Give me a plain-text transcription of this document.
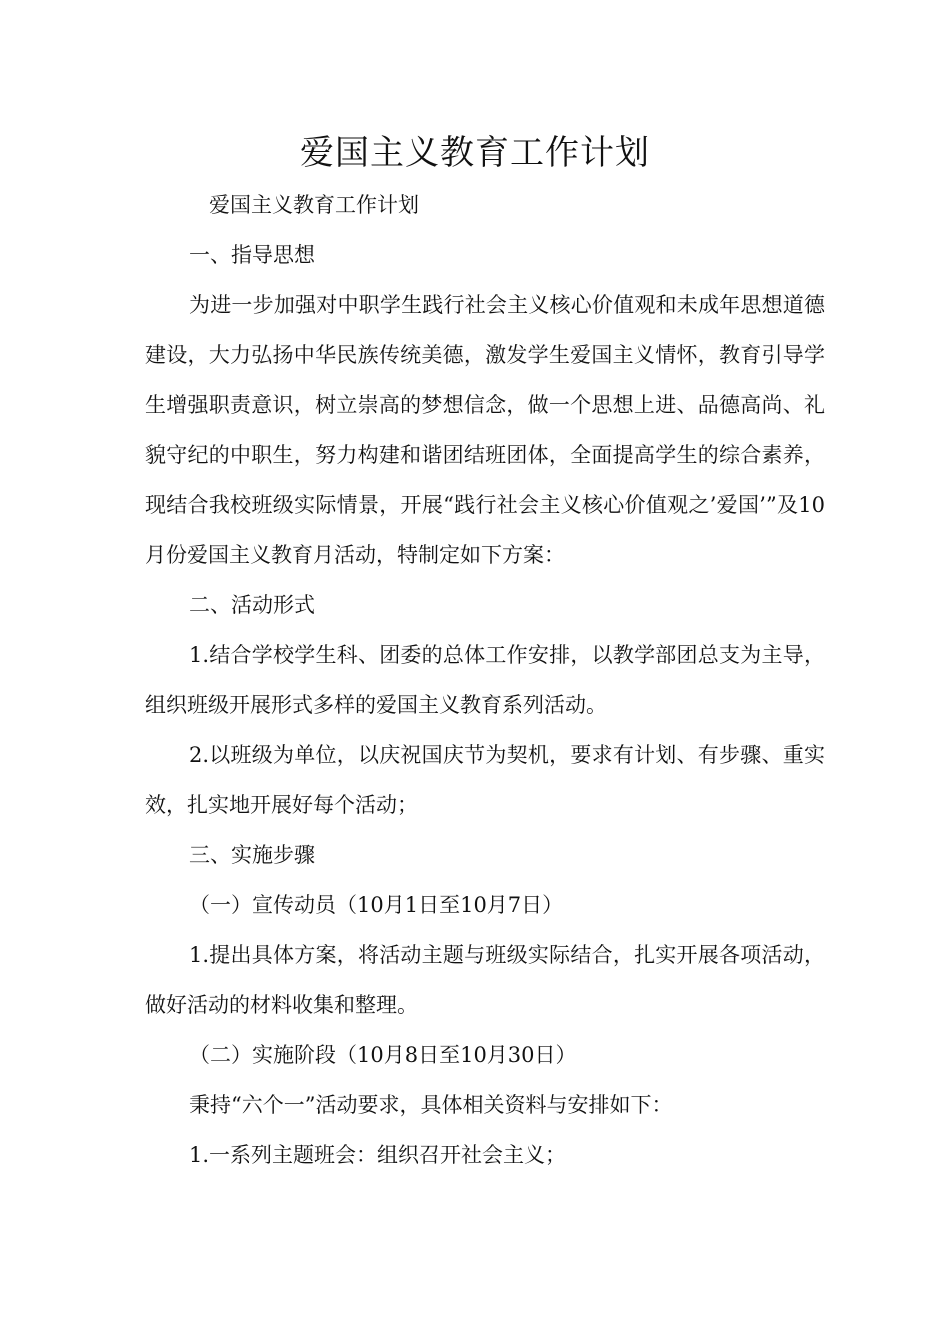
爱国主义教育工作计划

爱国主义教育工作计划

一、指导思想

为进一步加强对中职学生践行社会主义核心价值观和未成年思想道德建设，大力弘扬中华民族传统美德，激发学生爱国主义情怀，教育引导学生增强职责意识，树立崇高的梦想信念，做一个思想上进、品德高尚、礼貌守纪的中职生，努力构建和谐团结班团体，全面提高学生的综合素养，现结合我校班级实际情景，开展“践行社会主义核心价值观之’爱国’”及10月份爱国主义教育月活动，特制定如下方案：

二、活动形式

1.结合学校学生科、团委的总体工作安排，以教学部团总支为主导，组织班级开展形式多样的爱国主义教育系列活动。

2.以班级为单位，以庆祝国庆节为契机，要求有计划、有步骤、重实效，扎实地开展好每个活动；

三、实施步骤

（一）宣传动员（10月1日至10月7日）

1.提出具体方案，将活动主题与班级实际结合，扎实开展各项活动，做好活动的材料收集和整理。

（二）实施阶段（10月8日至10月30日）

秉持“六个一”活动要求，具体相关资料与安排如下：

1.一系列主题班会：组织召开社会主义；
